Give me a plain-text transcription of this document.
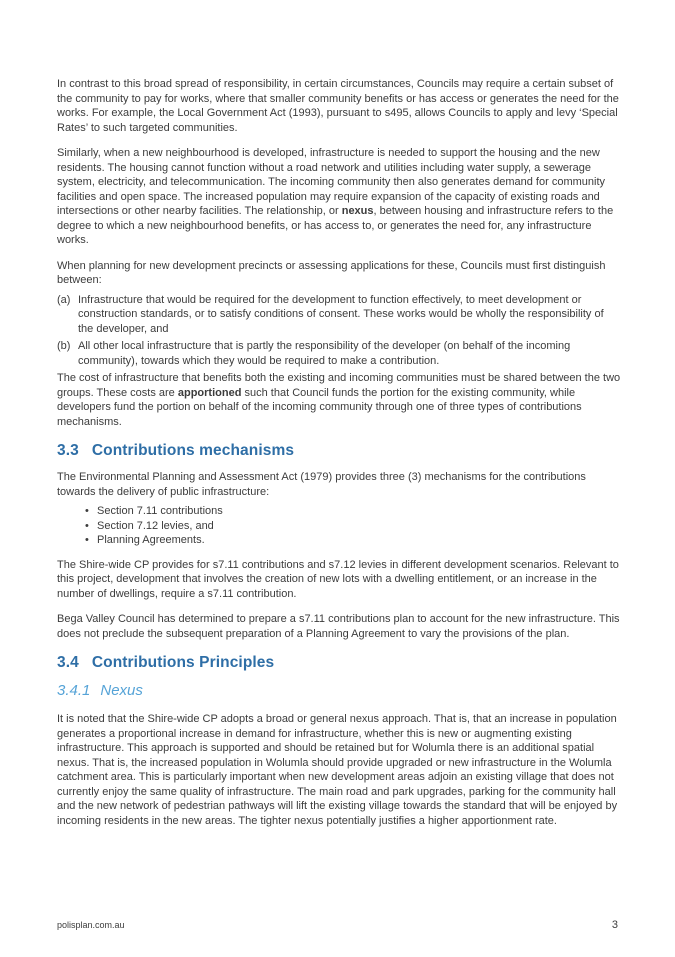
In contrast to this broad spread of responsibility, in certain circumstances, Councils may require a certain subset of the community to pay for works, where that smaller community benefits or has access or generates the need for the works. For example, the Local Government Act (1993), pursuant to s495, allows Councils to apply and levy ‘Special Rates’ to such targeted communities.

Similarly, when a new neighbourhood is developed, infrastructure is needed to support the housing and the new residents. The housing cannot function without a road network and utilities including water supply, a sewerage system, electricity, and telecommunication. The incoming community then also generates demand for community facilities and open space. The increased population may require expansion of the capacity of existing roads and intersections or other nearby facilities. The relationship, or nexus, between housing and infrastructure refers to the degree to which a new neighbourhood benefits, or has access to, or generates the need for, any infrastructure works.

When planning for new development precincts or assessing applications for these, Councils must first distinguish between:

(a) Infrastructure that would be required for the development to function effectively, to meet development or construction standards, or to satisfy conditions of consent. These works would be wholly the responsibility of the developer, and
(b) All other local infrastructure that is partly the responsibility of the developer (on behalf of the incoming community), towards which they would be required to make a contribution.

The cost of infrastructure that benefits both the existing and incoming communities must be shared between the two groups. These costs are apportioned such that Council funds the portion for the existing community, while developers fund the portion on behalf of the incoming community through one of three types of contributions mechanisms.

3.3 Contributions mechanisms

The Environmental Planning and Assessment Act (1979) provides three (3) mechanisms for the contributions towards the delivery of public infrastructure:

• Section 7.11 contributions
• Section 7.12 levies, and
• Planning Agreements.

The Shire-wide CP provides for s7.11 contributions and s7.12 levies in different development scenarios. Relevant to this project, development that involves the creation of new lots with a dwelling entitlement, or an increase in the number of dwellings, require a s7.11 contribution.

Bega Valley Council has determined to prepare a s7.11 contributions plan to account for the new infrastructure. This does not preclude the subsequent preparation of a Planning Agreement to vary the provisions of the plan.

3.4 Contributions Principles
3.4.1 Nexus

It is noted that the Shire-wide CP adopts a broad or general nexus approach. That is, that an increase in population generates a proportional increase in demand for infrastructure, whether this is new or augmenting existing infrastructure. This approach is supported and should be retained but for Wolumla there is an additional spatial nexus. That is, the increased population in Wolumla should provide upgraded or new infrastructure in the Wolumla catchment area. This is particularly important when new development areas adjoin an existing village that does not currently enjoy the same quality of infrastructure. The main road and park upgrades, parking for the community hall and the new network of pedestrian pathways will lift the existing village towards the standard that will be enjoyed by incoming residents in the new areas. The tighter nexus potentially justifies a higher apportionment rate.

polisplan.com.au	3
